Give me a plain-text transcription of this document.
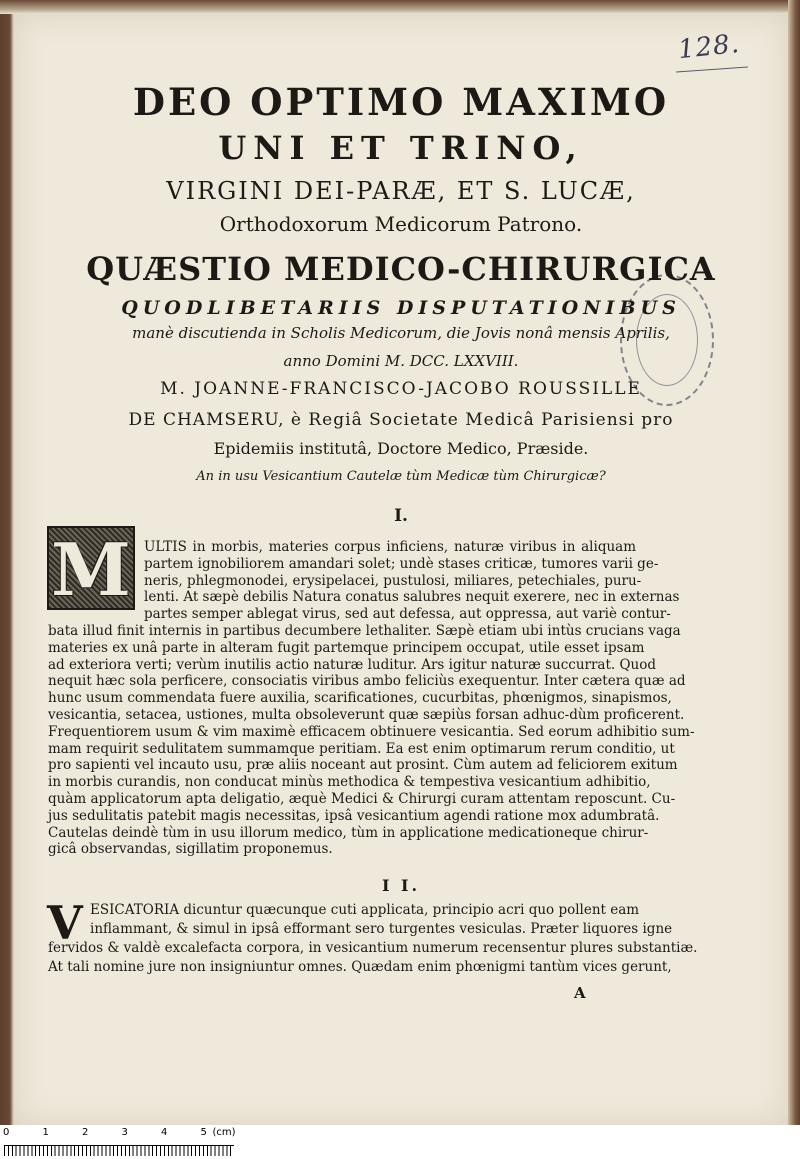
128.
DEO OPTIMO MAXIMO
UNI ET TRINO,
VIRGINI DEI-PARÆ, ET S. LUCÆ,
Orthodoxorum Medicorum Patrono.
QUÆSTIO MEDICO-CHIRURGICA
QUODLIBETARIIS DISPUTATIONIBUS
manè discutienda in Scholis Medicorum, die Jovis nonâ mensis Aprilis,
anno Domini M. DCC. LXXVIII.
M. JOANNE-FRANCISCO-JACOBO ROUSSILLE
DE CHAMSERU, è Regiâ Societate Medicâ Parisiensi pro
Epidemiis institutâ, Doctore Medico, Præside.
An in usu Vesicantium Cautelæ tùm Medicæ tùm Chirurgicæ?
I.
M ULTIS in morbis, materies corpus inficiens, naturæ viribus in aliquam
partem ignobiliorem amandari solet; undè stases criticæ, tumores varii ge-
neris, phlegmonodei, erysipelacei, pustulosi, miliares, petechiales, puru-
lenti. At sæpè debilis Natura conatus salubres nequit exerere, nec in externas
partes semper ablegat virus, sed aut defessa, aut oppressa, aut variè contur-
bata illud finit internis in partibus decumbere lethaliter. Sæpè etiam ubi intùs crucians vaga
materies ex unâ parte in alteram fugit partemque principem occupat, utile esset ipsam
ad exteriora verti; verùm inutilis actio naturæ luditur. Ars igitur naturæ succurrat. Quod
nequit hæc sola perficere, consociatis viribus ambo feliciùs exequentur. Inter cætera quæ ad
hunc usum commendata fuere auxilia, scarificationes, cucurbitas, phœnigmos, sinapismos,
vesicantia, setacea, ustiones, multa obsoleverunt quæ sæpiùs forsan adhuc-dùm proficerent.
Frequentiorem usum & vim maximè efficacem obtinuere vesicantia. Sed eorum adhibitio sum-
mam requirit sedulitatem summamque peritiam. Ea est enim optimarum rerum conditio, ut
pro sapienti vel incauto usu, præ aliis noceant aut prosint. Cùm autem ad feliciorem exitum
in morbis curandis, non conducat minùs methodica & tempestiva vesicantium adhibitio,
quàm applicatorum apta deligatio, æquè Medici & Chirurgi curam attentam reposcunt. Cu-
jus sedulitatis patebit magis necessitas, ipsâ vesicantium agendi ratione mox adumbratâ.
Cautelas deindè tùm in usu illorum medico, tùm in applicatione medicationeque chirur-
gicâ observandas, sigillatim proponemus.
I I.
V ESICATORIA dicuntur quæcunque cuti applicata, principio acri quo pollent eam
inflammant, & simul in ipsâ efformant sero turgentes vesiculas. Præter liquores igne
fervidos & valdè excalefacta corpora, in vesicantium numerum recensentur plures substantiæ.
At tali nomine jure non insigniuntur omnes. Quædam enim phœnigmi tantùm vices gerunt,
A
0	1	2	3	4	5 (cm)
